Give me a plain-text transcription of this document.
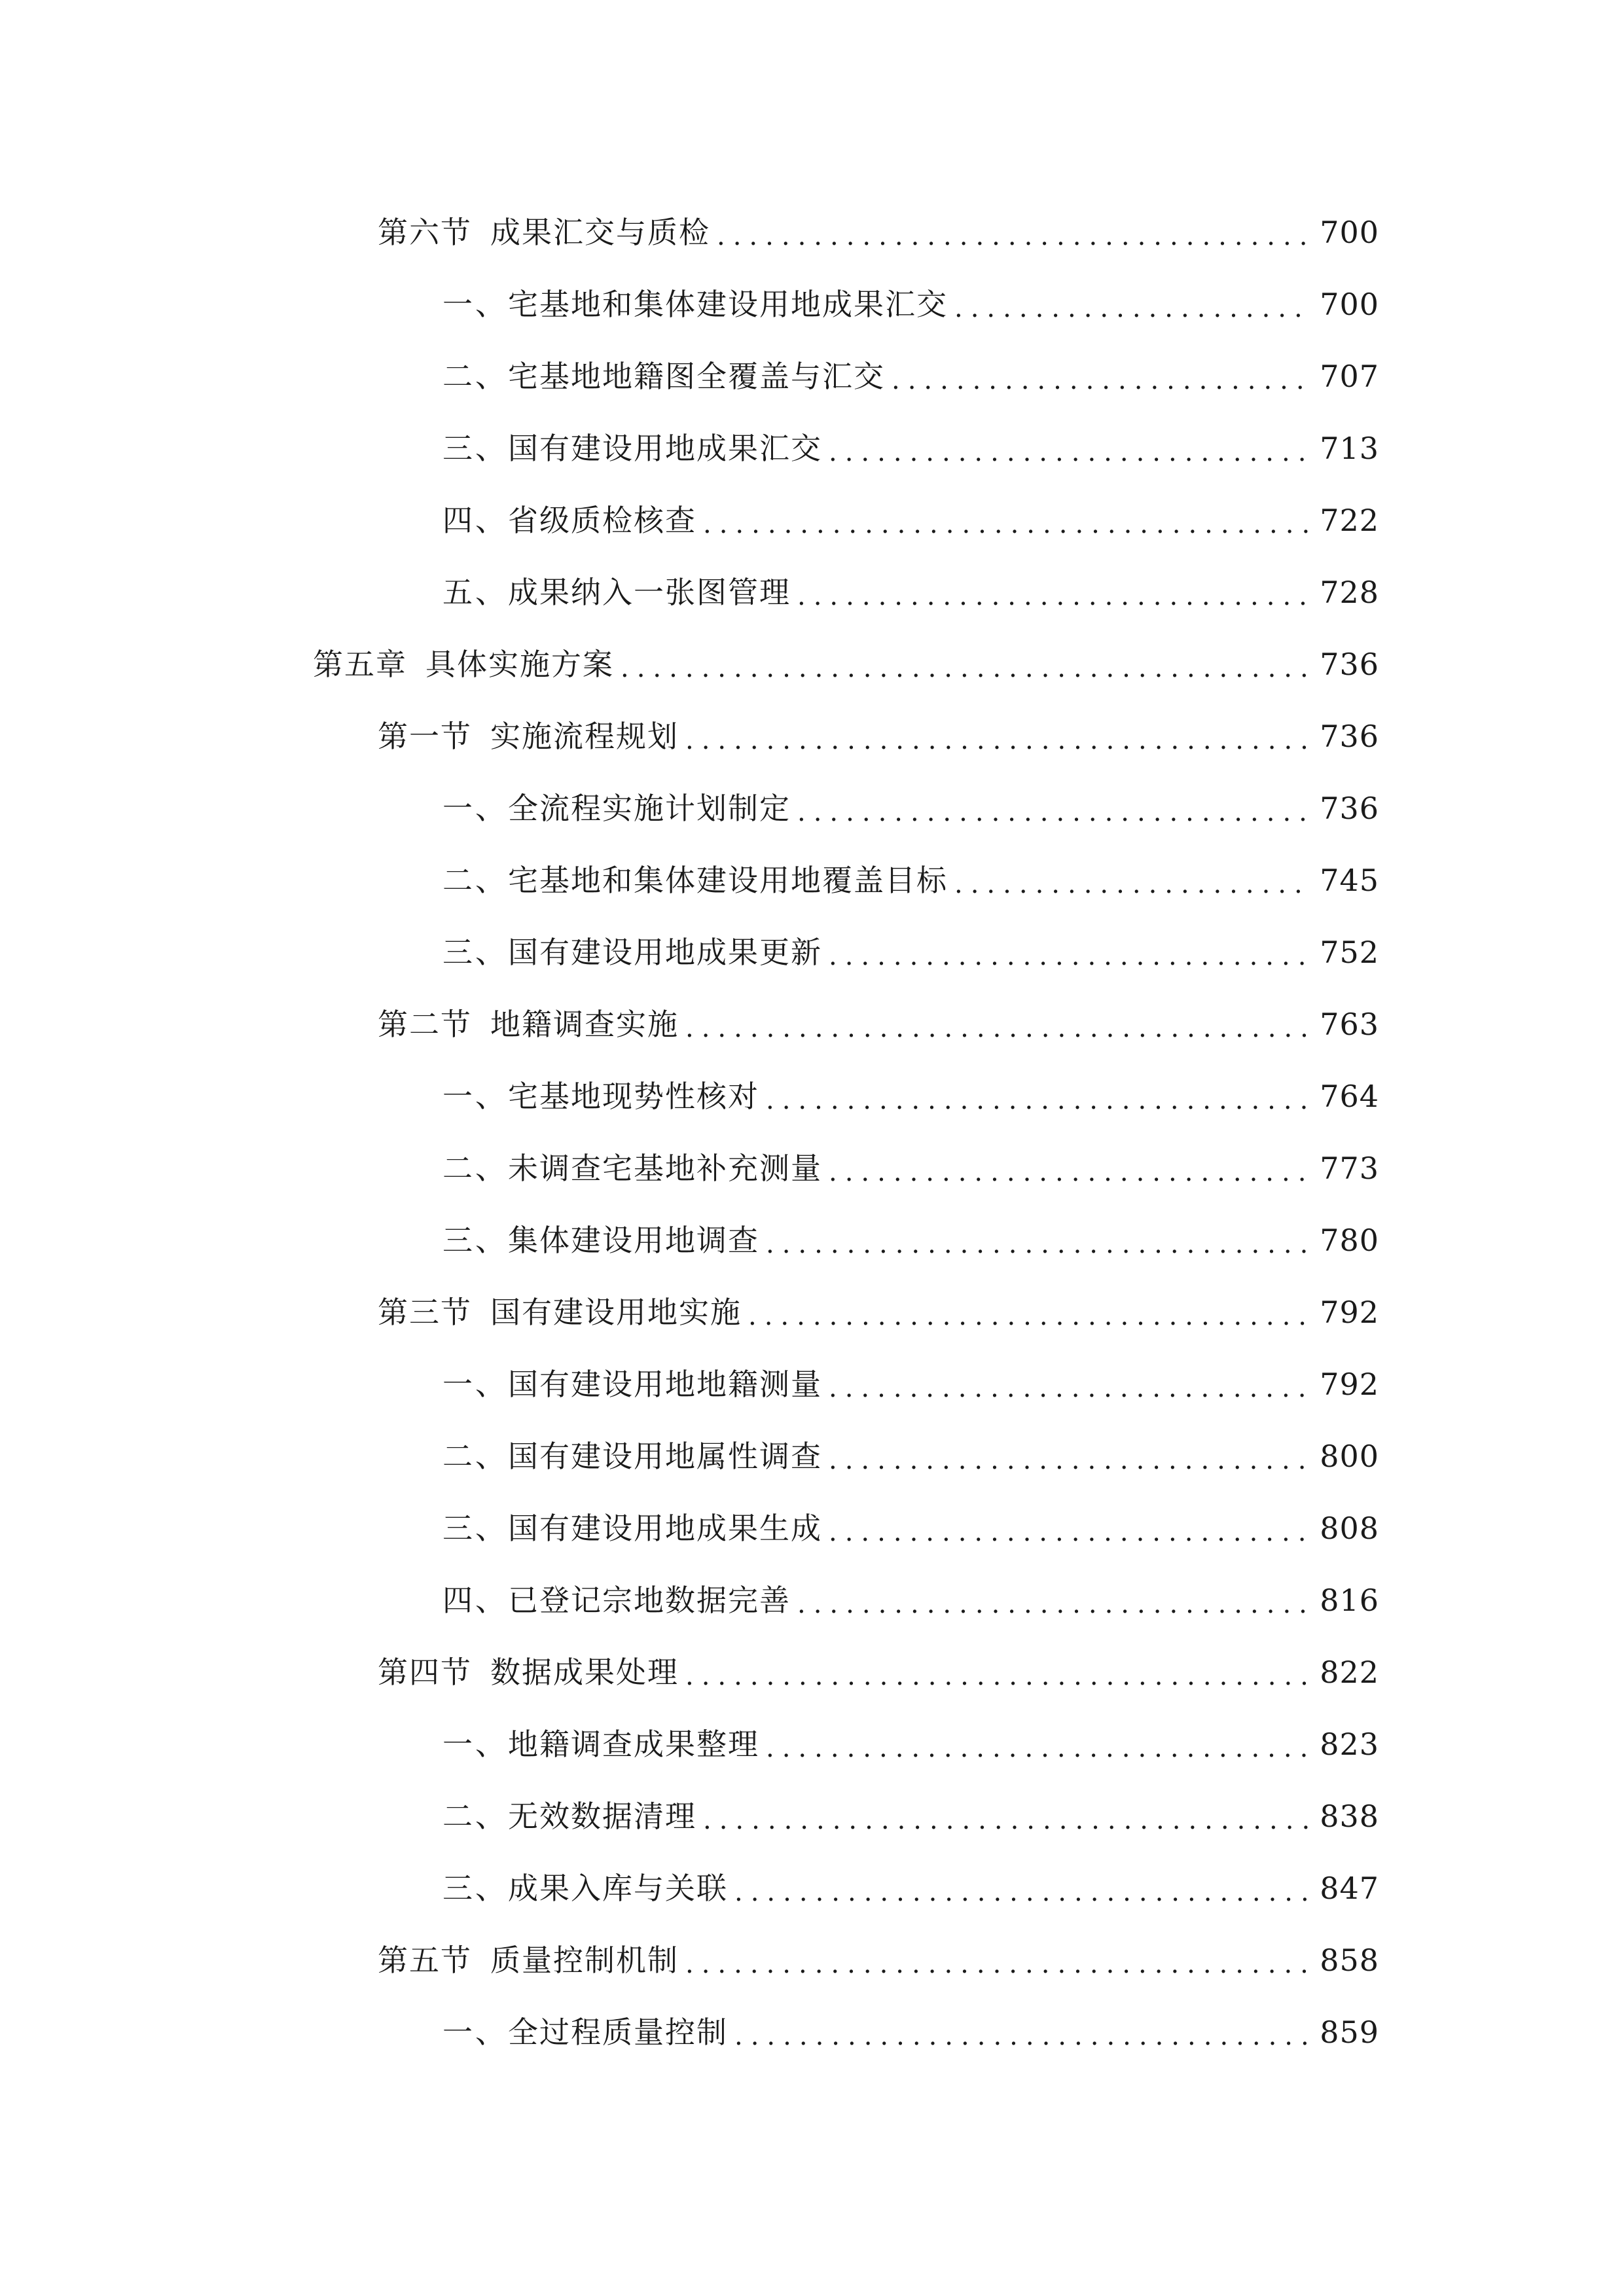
第六节 成果汇交与质检 .....	700
一、 宅基地和集体建设用地成果汇交 .....	700
二、 宅基地地籍图全覆盖与汇交 .....	707
三、 国有建设用地成果汇交 .....	713
四、 省级质检核查 .....	722
五、 成果纳入一张图管理 .....	728
第五章 具体实施方案 .....	736
第一节 实施流程规划 .....	736
一、 全流程实施计划制定 .....	736
二、 宅基地和集体建设用地覆盖目标 .....	745
三、 国有建设用地成果更新 .....	752
第二节 地籍调查实施 .....	763
一、 宅基地现势性核对 .....	764
二、 未调查宅基地补充测量 .....	773
三、 集体建设用地调查 .....	780
第三节 国有建设用地实施 .....	792
一、 国有建设用地地籍测量 .....	792
二、 国有建设用地属性调查 .....	800
三、 国有建设用地成果生成 .....	808
四、 已登记宗地数据完善 .....	816
第四节 数据成果处理 .....	822
一、 地籍调查成果整理 .....	823
二、 无效数据清理 .....	838
三、 成果入库与关联 .....	847
第五节 质量控制机制 .....	858
一、 全过程质量控制 .....	859
